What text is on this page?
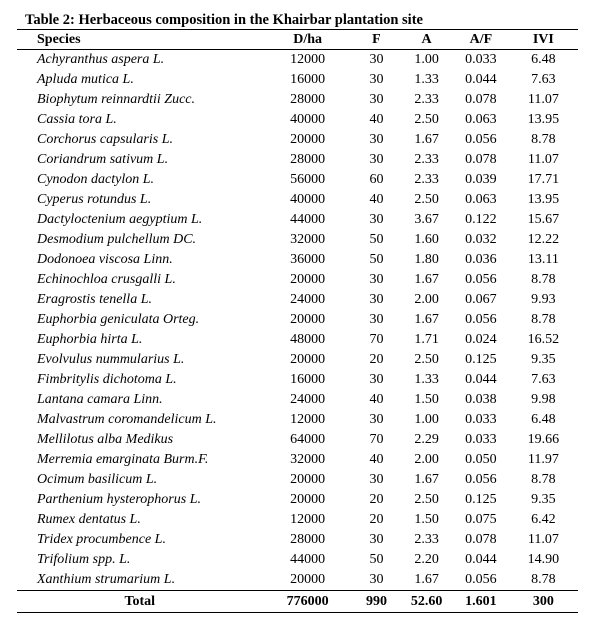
Table 2: Herbaceous composition in the Khairbar plantation site
Species	D/ha	F	A	A/F	IVI
Achyranthus aspera L.	12000	30	1.00	0.033	6.48
Apluda mutica L.	16000	30	1.33	0.044	7.63
Biophytum reinnardtii Zucc.	28000	30	2.33	0.078	11.07
Cassia tora L.	40000	40	2.50	0.063	13.95
Corchorus capsularis L.	20000	30	1.67	0.056	8.78
Coriandrum sativum L.	28000	30	2.33	0.078	11.07
Cynodon dactylon L.	56000	60	2.33	0.039	17.71
Cyperus rotundus L.	40000	40	2.50	0.063	13.95
Dactyloctenium aegyptium L.	44000	30	3.67	0.122	15.67
Desmodium pulchellum DC.	32000	50	1.60	0.032	12.22
Dodonoea viscosa Linn.	36000	50	1.80	0.036	13.11
Echinochloa crusgalli L.	20000	30	1.67	0.056	8.78
Eragrostis tenella L.	24000	30	2.00	0.067	9.93
Euphorbia geniculata Orteg.	20000	30	1.67	0.056	8.78
Euphorbia hirta L.	48000	70	1.71	0.024	16.52
Evolvulus nummularius L.	20000	20	2.50	0.125	9.35
Fimbritylis dichotoma L.	16000	30	1.33	0.044	7.63
Lantana camara Linn.	24000	40	1.50	0.038	9.98
Malvastrum coromandelicum L.	12000	30	1.00	0.033	6.48
Mellilotus alba Medikus	64000	70	2.29	0.033	19.66
Merremia emarginata Burm.F.	32000	40	2.00	0.050	11.97
Ocimum basilicum L.	20000	30	1.67	0.056	8.78
Parthenium hysterophorus L.	20000	20	2.50	0.125	9.35
Rumex dentatus L.	12000	20	1.50	0.075	6.42
Tridex procumbence L.	28000	30	2.33	0.078	11.07
Trifolium spp. L.	44000	50	2.20	0.044	14.90
Xanthium strumarium L.	20000	30	1.67	0.056	8.78
Total	776000	990	52.60	1.601	300
